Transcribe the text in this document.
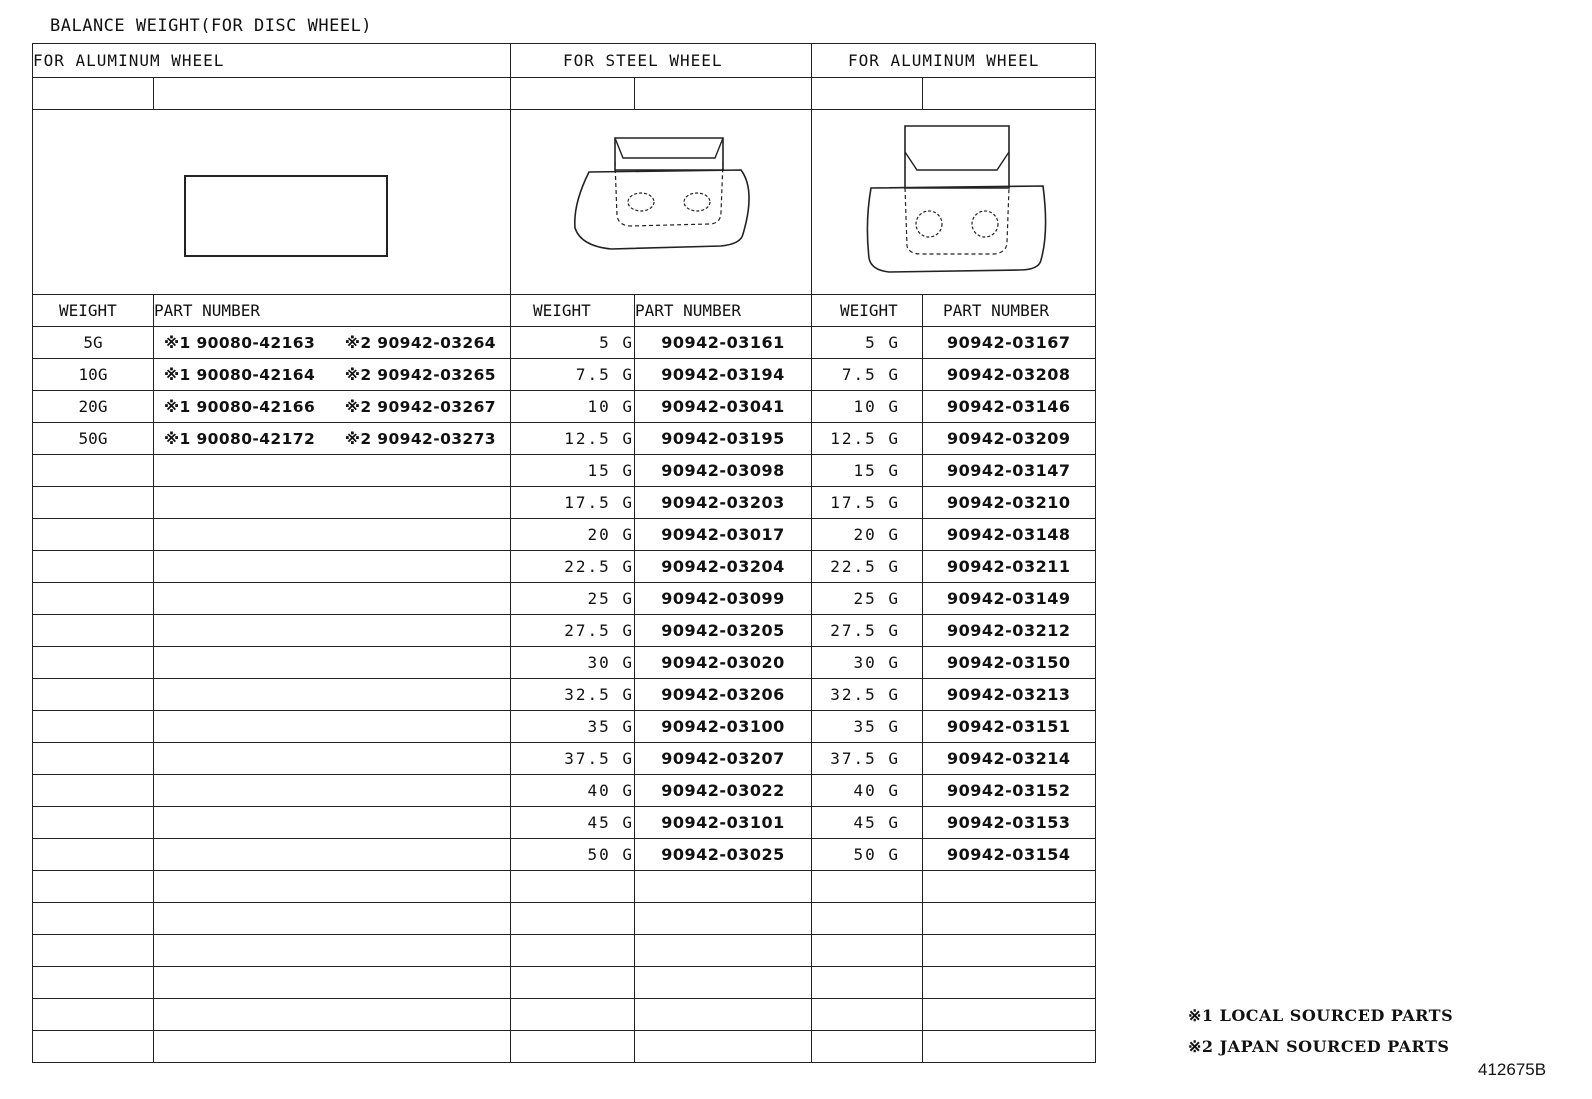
BALANCE WEIGHT(FOR DISC WHEEL)
FOR ALUMINUM WHEEL		FOR STEEL WHEEL		FOR ALUMINUM WHEEL	

WEIGHT	PART NUMBER	WEIGHT	PART NUMBER	WEIGHT	PART NUMBER
5G	※1 90080-42163 ※2 90942-03264	5 G	90942-03161	5 G	90942-03167
10G	※1 90080-42164 ※2 90942-03265	7.5 G	90942-03194	7.5 G	90942-03208
20G	※1 90080-42166 ※2 90942-03267	10 G	90942-03041	10 G	90942-03146
50G	※1 90080-42172 ※2 90942-03273	12.5 G	90942-03195	12.5 G	90942-03209
		15 G	90942-03098	15 G	90942-03147
		17.5 G	90942-03203	17.5 G	90942-03210
		20 G	90942-03017	20 G	90942-03148
		22.5 G	90942-03204	22.5 G	90942-03211
		25 G	90942-03099	25 G	90942-03149
		27.5 G	90942-03205	27.5 G	90942-03212
		30 G	90942-03020	30 G	90942-03150
		32.5 G	90942-03206	32.5 G	90942-03213
		35 G	90942-03100	35 G	90942-03151
		37.5 G	90942-03207	37.5 G	90942-03214
		40 G	90942-03022	40 G	90942-03152
		45 G	90942-03101	45 G	90942-03153
		50 G	90942-03025	50 G	90942-03154

※1 LOCAL SOURCED PARTS
※2 JAPAN SOURCED PARTS
412675B
